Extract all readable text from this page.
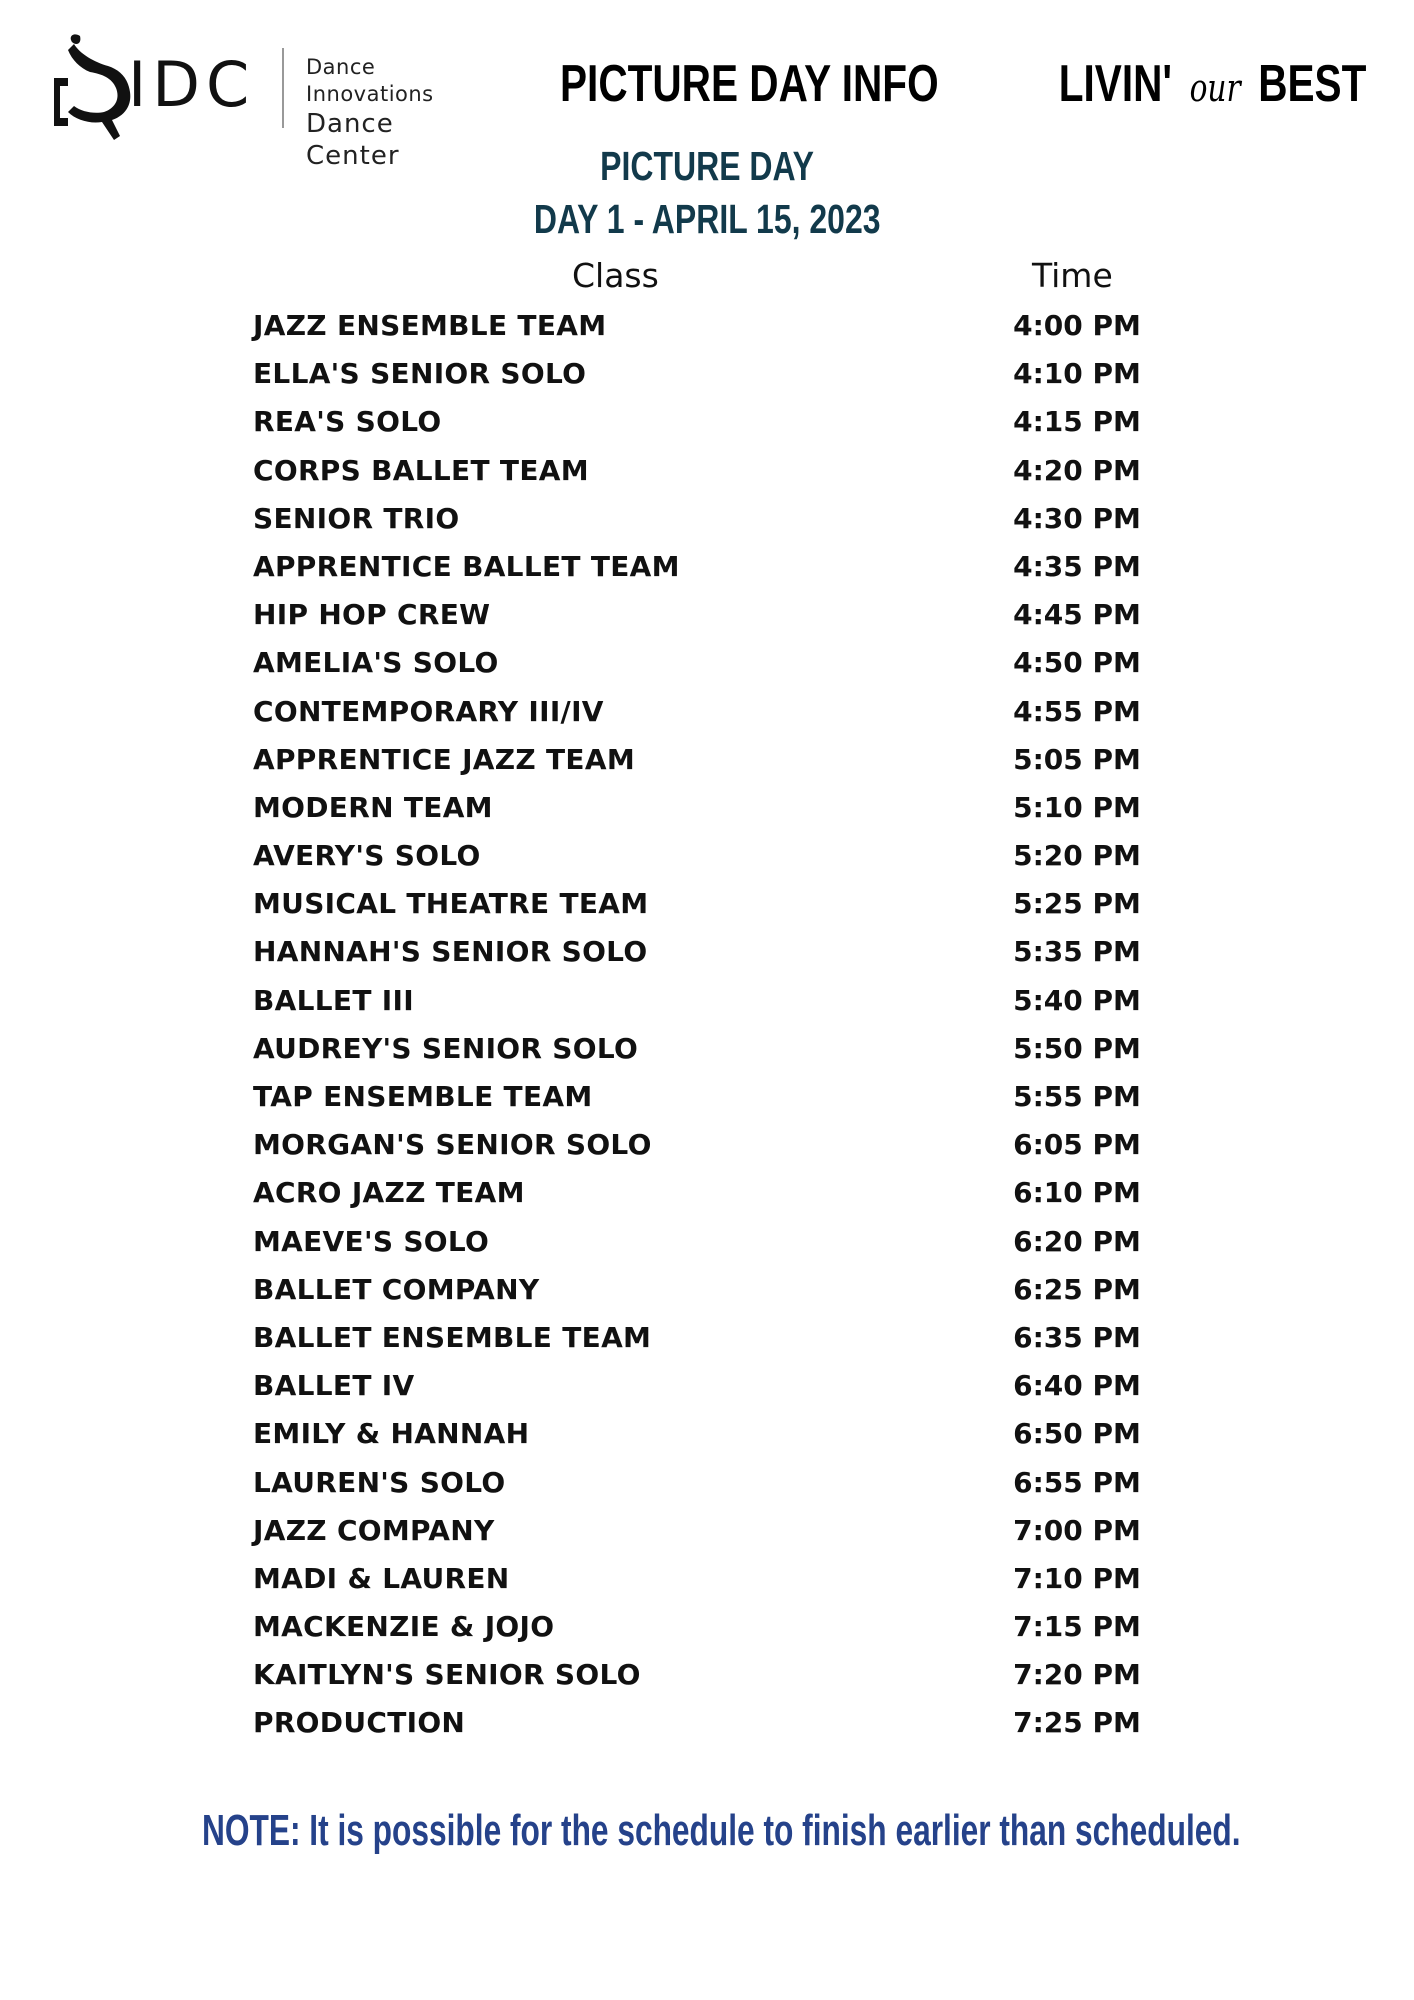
IDC Dance Innovations
Dance Center
PICTURE DAY INFO LIVIN' our BEST
PICTURE DAY
DAY 1 - APRIL 15, 2023
Class	Time
JAZZ ENSEMBLE TEAM	4:00 PM
ELLA'S SENIOR SOLO	4:10 PM
REA'S SOLO	4:15 PM
CORPS BALLET TEAM	4:20 PM
SENIOR TRIO	4:30 PM
APPRENTICE BALLET TEAM	4:35 PM
HIP HOP CREW	4:45 PM
AMELIA'S SOLO	4:50 PM
CONTEMPORARY III/IV	4:55 PM
APPRENTICE JAZZ TEAM	5:05 PM
MODERN TEAM	5:10 PM
AVERY'S SOLO	5:20 PM
MUSICAL THEATRE TEAM	5:25 PM
HANNAH'S SENIOR SOLO	5:35 PM
BALLET III	5:40 PM
AUDREY'S SENIOR SOLO	5:50 PM
TAP ENSEMBLE TEAM	5:55 PM
MORGAN'S SENIOR SOLO	6:05 PM
ACRO JAZZ TEAM	6:10 PM
MAEVE'S SOLO	6:20 PM
BALLET COMPANY	6:25 PM
BALLET ENSEMBLE TEAM	6:35 PM
BALLET IV	6:40 PM
EMILY & HANNAH	6:50 PM
LAUREN'S SOLO	6:55 PM
JAZZ COMPANY	7:00 PM
MADI & LAUREN	7:10 PM
MACKENZIE & JOJO	7:15 PM
KAITLYN'S SENIOR SOLO	7:20 PM
PRODUCTION	7:25 PM
NOTE: It is possible for the schedule to finish earlier than scheduled.
